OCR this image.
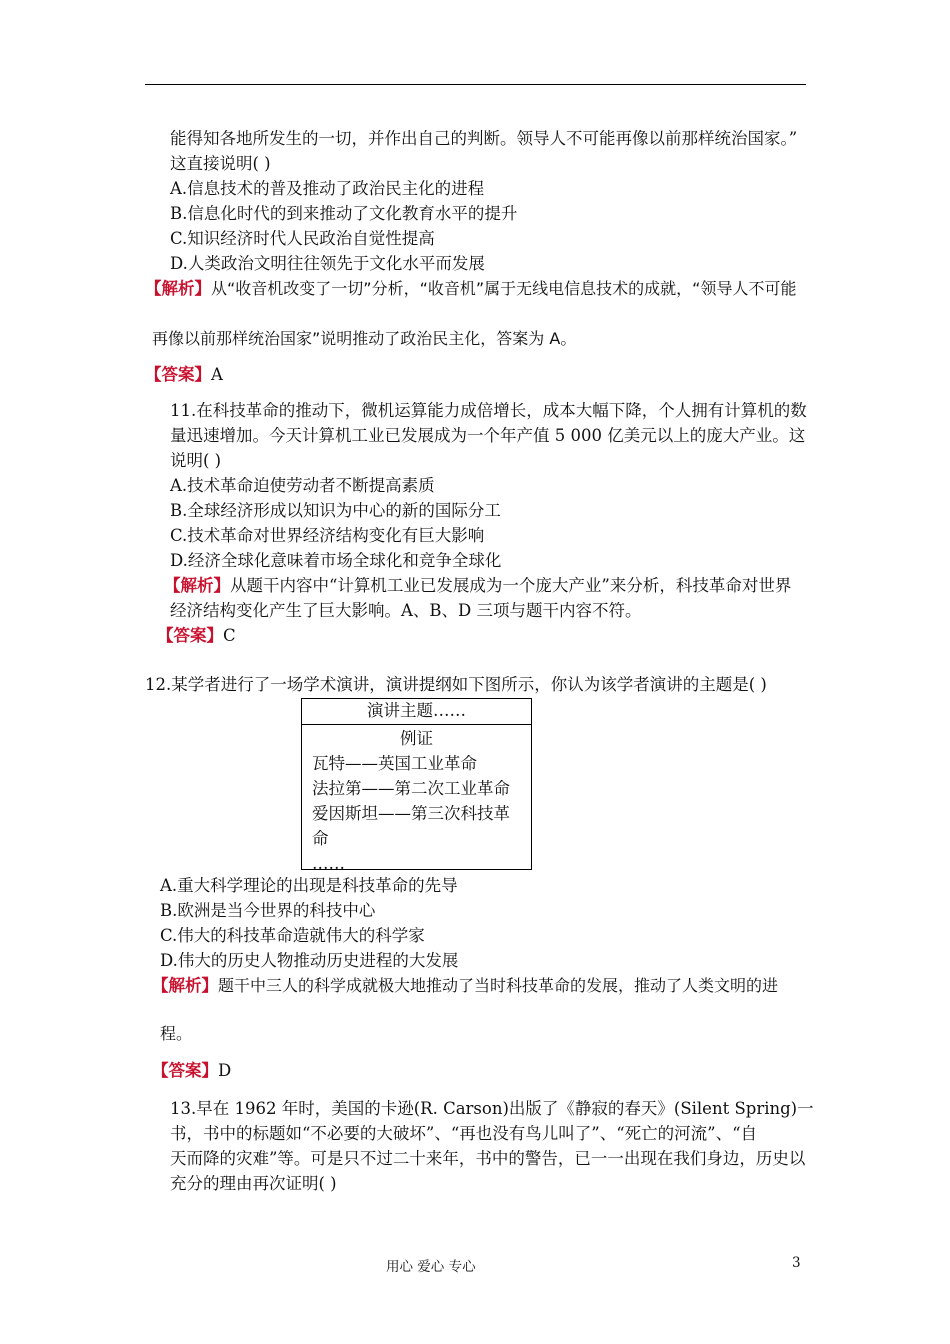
能得知各地所发生的一切，并作出自己的判断。领导人不可能再像以前那样统治国家。”
这直接说明( )
A.信息技术的普及推动了政治民主化的进程
B.信息化时代的到来推动了文化教育水平的提升
C.知识经济时代人民政治自觉性提高
D.人类政治文明往往领先于文化水平而发展
【解析】从“收音机改变了一切”分析，“收音机”属于无线电信息技术的成就，“领导人不可能
再像以前那样统治国家”说明推动了政治民主化，答案为 A。
【答案】A
11.在科技革命的推动下，微机运算能力成倍增长，成本大幅下降，个人拥有计算机的数
量迅速增加。今天计算机工业已发展成为一个年产值 5 000 亿美元以上的庞大产业。这
说明( )
A.技术革命迫使劳动者不断提高素质
B.全球经济形成以知识为中心的新的国际分工
C.技术革命对世界经济结构变化有巨大影响
D.经济全球化意味着市场全球化和竞争全球化
【解析】从题干内容中“计算机工业已发展成为一个庞大产业”来分析，科技革命对世界
经济结构变化产生了巨大影响。A、B、D 三项与题干内容不符。
【答案】C
12.某学者进行了一场学术演讲，演讲提纲如下图所示，你认为该学者演讲的主题是( )
演讲主题……
例证
瓦特——英国工业革命
法拉第——第二次工业革命
爱因斯坦——第三次科技革
命
……
A.重大科学理论的出现是科技革命的先导
B.欧洲是当今世界的科技中心
C.伟大的科技革命造就伟大的科学家
D.伟大的历史人物推动历史进程的大发展
【解析】题干中三人的科学成就极大地推动了当时科技革命的发展，推动了人类文明的进
程。
【答案】D
13.早在 1962 年时，美国的卡逊(R. Carson)出版了《静寂的春天》(Silent Spring)一
书，书中的标题如“不必要的大破坏”、“再也没有鸟儿叫了”、“死亡的河流”、“自
天而降的灾难”等。可是只不过二十来年，书中的警告，已一一出现在我们身边，历史以
充分的理由再次证明( )
用心 爱心 专心	3
